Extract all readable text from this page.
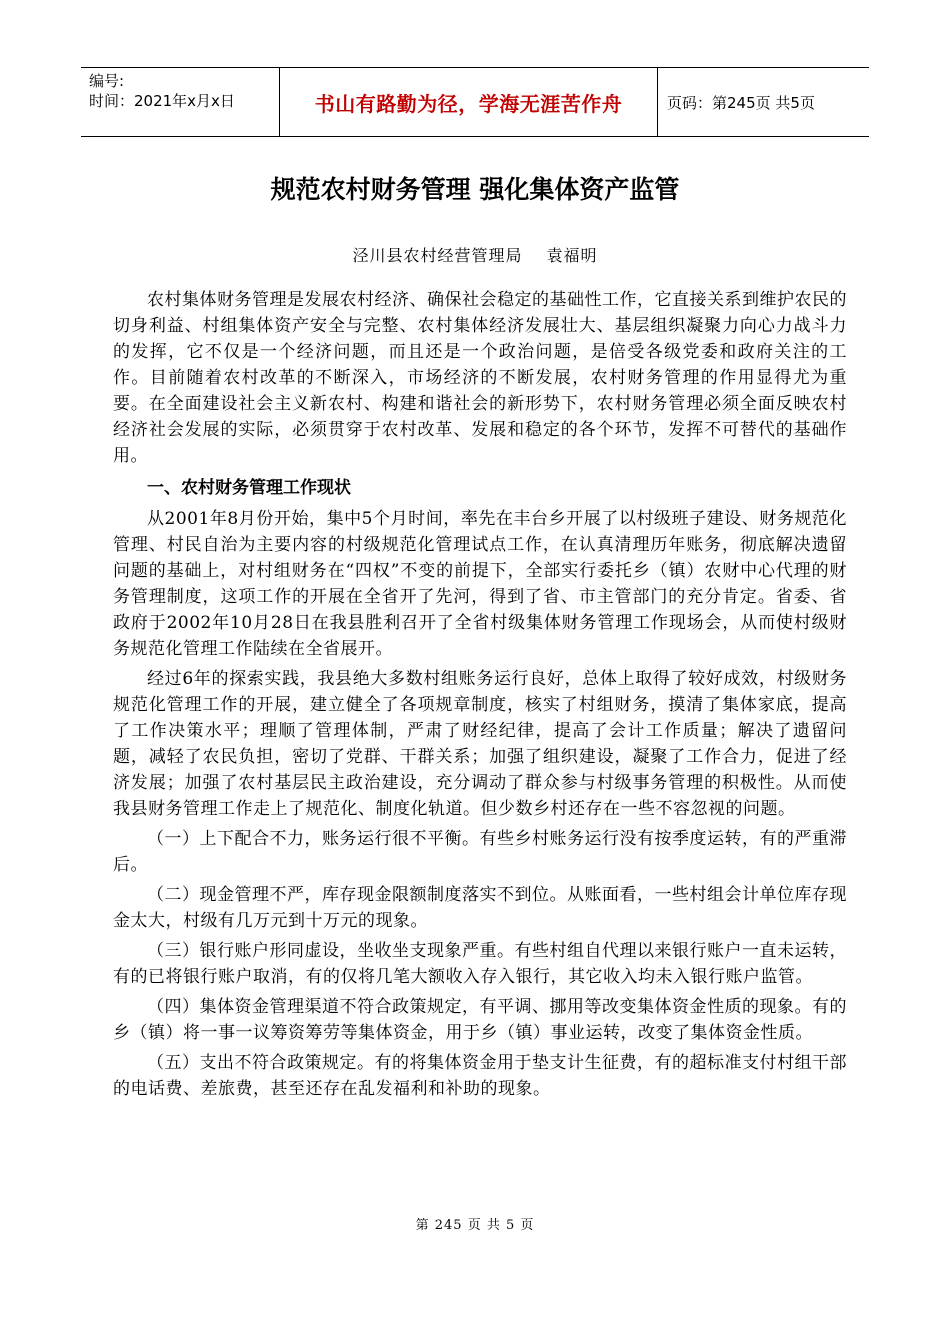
编号:
时间：2021年x月x日	书山有路勤为径，学海无涯苦作舟	页码：第245页 共5页
规范农村财务管理 强化集体资产监管
泾川县农村经营管理局 袁福明

农村集体财务管理是发展农村经济、确保社会稳定的基础性工作，它直接关系到维护农民的切身利益、村组集体资产安全与完整、农村集体经济发展壮大、基层组织凝聚力向心力战斗力的发挥，它不仅是一个经济问题，而且还是一个政治问题，是倍受各级党委和政府关注的工作。目前随着农村改革的不断深入，市场经济的不断发展，农村财务管理的作用显得尤为重要。在全面建设社会主义新农村、构建和谐社会的新形势下，农村财务管理必须全面反映农村经济社会发展的实际，必须贯穿于农村改革、发展和稳定的各个环节，发挥不可替代的基础作用。

一、农村财务管理工作现状

从2001年8月份开始，集中5个月时间，率先在丰台乡开展了以村级班子建设、财务规范化管理、村民自治为主要内容的村级规范化管理试点工作，在认真清理历年账务，彻底解决遗留问题的基础上，对村组财务在“四权”不变的前提下，全部实行委托乡（镇）农财中心代理的财务管理制度，这项工作的开展在全省开了先河，得到了省、市主管部门的充分肯定。省委、省政府于2002年10月28日在我县胜利召开了全省村级集体财务管理工作现场会，从而使村级财务规范化管理工作陆续在全省展开。

经过6年的探索实践，我县绝大多数村组账务运行良好，总体上取得了较好成效，村级财务规范化管理工作的开展，建立健全了各项规章制度，核实了村组财务，摸清了集体家底，提高了工作决策水平；理顺了管理体制，严肃了财经纪律，提高了会计工作质量；解决了遗留问题，减轻了农民负担，密切了党群、干群关系；加强了组织建设，凝聚了工作合力，促进了经济发展；加强了农村基层民主政治建设，充分调动了群众参与村级事务管理的积极性。从而使我县财务管理工作走上了规范化、制度化轨道。但少数乡村还存在一些不容忽视的问题。

（一）上下配合不力，账务运行很不平衡。有些乡村账务运行没有按季度运转，有的严重滞后。

（二）现金管理不严，库存现金限额制度落实不到位。从账面看，一些村组会计单位库存现金太大，村级有几万元到十万元的现象。

（三）银行账户形同虚设，坐收坐支现象严重。有些村组自代理以来银行账户一直未运转，有的已将银行账户取消，有的仅将几笔大额收入存入银行，其它收入均未入银行账户监管。

（四）集体资金管理渠道不符合政策规定，有平调、挪用等改变集体资金性质的现象。有的乡（镇）将一事一议筹资筹劳等集体资金，用于乡（镇）事业运转，改变了集体资金性质。

（五）支出不符合政策规定。有的将集体资金用于垫支计生征费，有的超标准支付村组干部的电话费、差旅费，甚至还存在乱发福利和补助的现象。

第 245 页 共 5 页
